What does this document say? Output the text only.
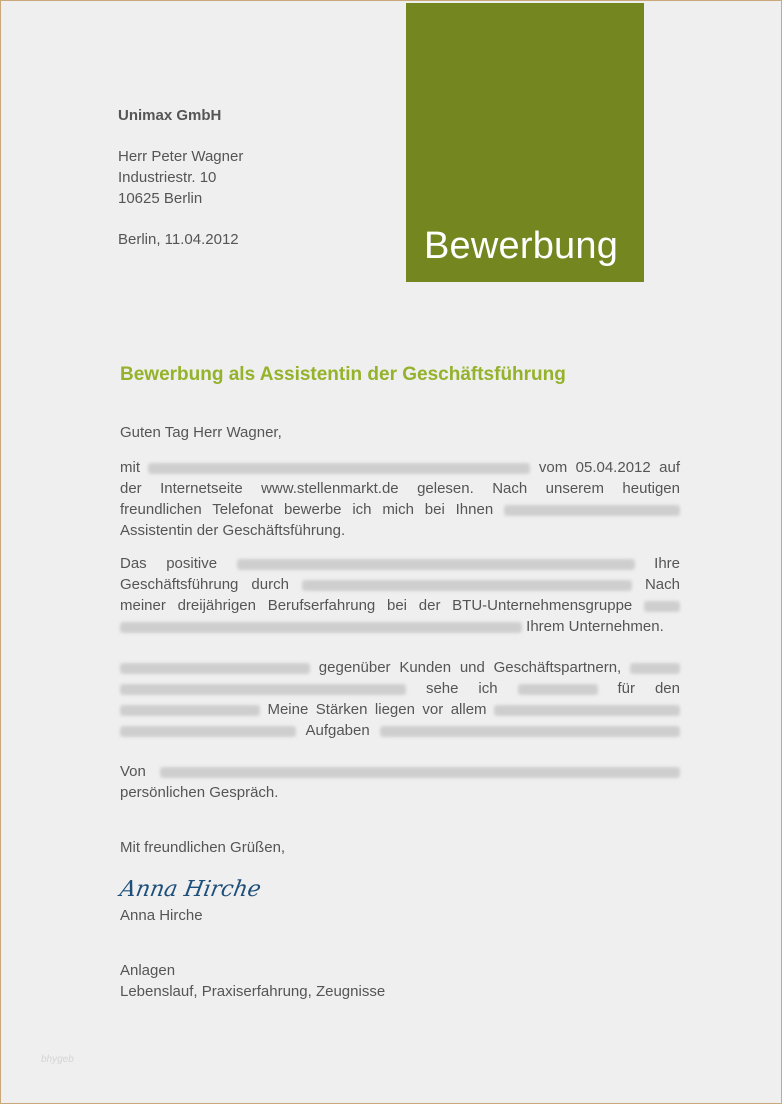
Bewerbung
Unimax GmbH
Herr Peter Wagner
Industriestr. 10
10625 Berlin
Berlin, 11.04.2012
Bewerbung als Assistentin der Geschäftsführung

Guten Tag Herr Wagner,

mit	vom 05.04.2012 auf
der Internetseite www.stellenmarkt.de gelesen. Nach unserem heutigen
freundlichen Telefonat bewerbe ich mich bei Ihnen
Assistentin der Geschäftsführung.
Das positive	Ihre
Geschäftsführung durch	Nach
meiner dreijährigen Berufserfahrung bei der BTU-Unternehmensgruppe
Ihrem Unternehmen.
gegenüber Kunden und Geschäftspartnern,
sehe ich	für den
Meine Stärken liegen vor allem
Aufgaben
Von
persönlichen Gespräch.
Mit freundlichen Grüßen,
Anna Hirche
Anna Hirche
Anlagen
Lebenslauf, Praxiserfahrung, Zeugnisse
bhygeb
